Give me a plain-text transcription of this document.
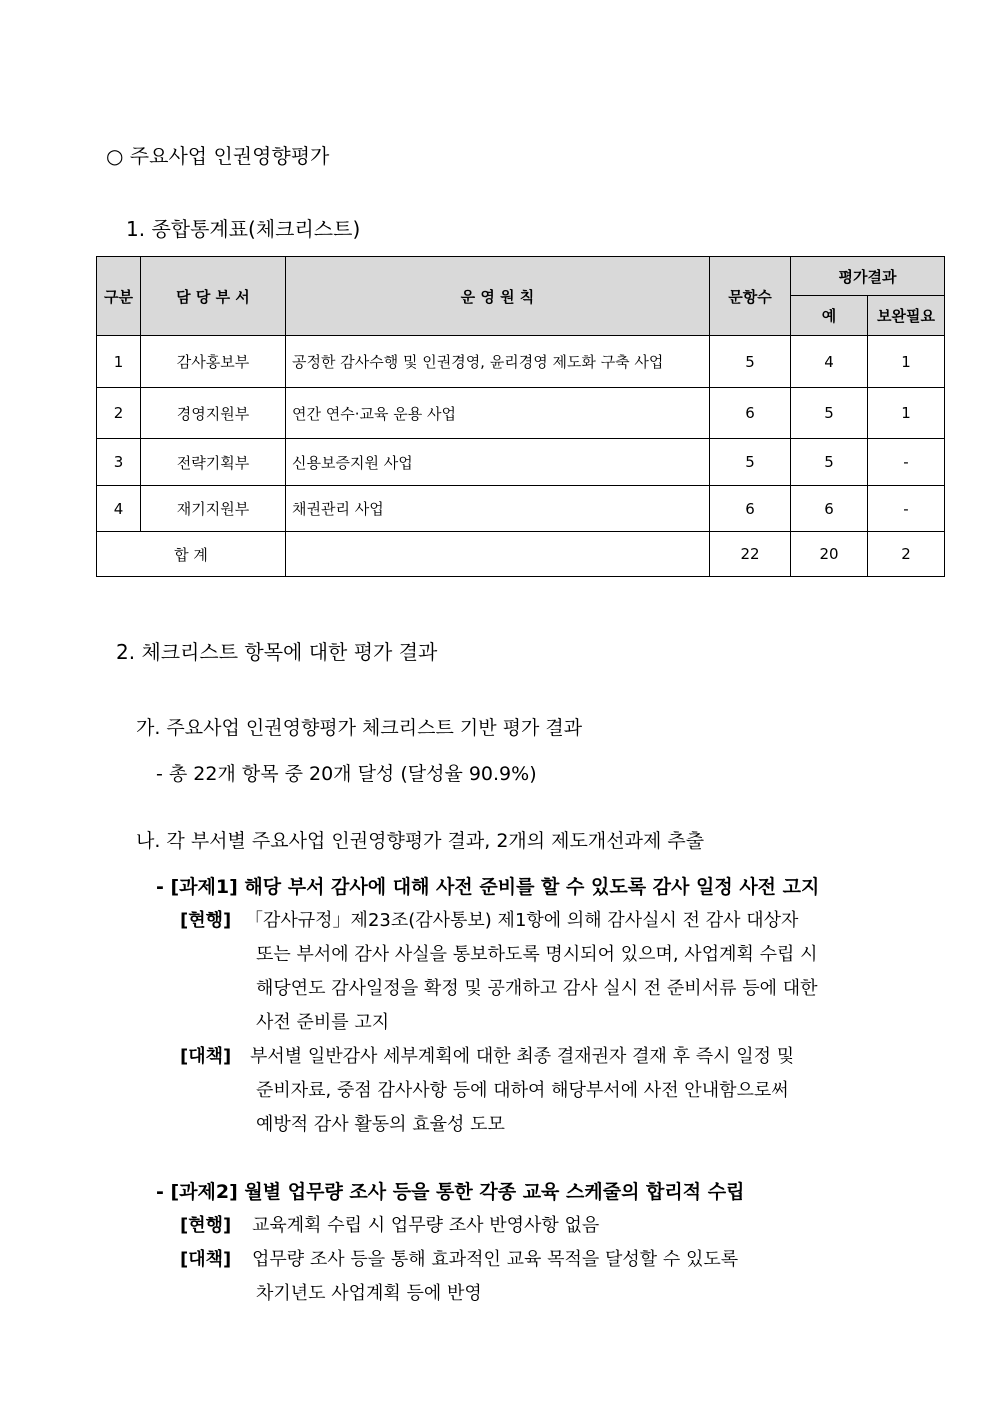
○ 주요사업 인권영향평가
1. 종합통계표(체크리스트)
구분	담 당 부 서	운 영 원 칙	문항수	평가결과	
				예	보완필요
1	감사홍보부	공정한 감사수행 및 인권경영, 윤리경영 제도화 구축 사업	5	4	1
2	경영지원부	연간 연수·교육 운용 사업	6	5	1
3	전략기획부	신용보증지원 사업	5	5	-
4	재기지원부	채권관리 사업	6	6	-
합 계			22	20	2
2. 체크리스트 항목에 대한 평가 결과
가. 주요사업 인권영향평가 체크리스트 기반 평가 결과
- 총 22개 항목 중 20개 달성 (달성율 90.9%)
나. 각 부서별 주요사업 인권영향평가 결과, 2개의 제도개선과제 추출
- [과제1] 해당 부서 감사에 대해 사전 준비를 할 수 있도록 감사 일정 사전 고지
[현행] 「감사규정」제23조(감사통보) 제1항에 의해 감사실시 전 감사 대상자
또는 부서에 감사 사실을 통보하도록 명시되어 있으며, 사업계획 수립 시
해당연도 감사일정을 확정 및 공개하고 감사 실시 전 준비서류 등에 대한
사전 준비를 고지
[대책] 부서별 일반감사 세부계획에 대한 최종 결재권자 결재 후 즉시 일정 및
준비자료, 중점 감사사항 등에 대하여 해당부서에 사전 안내함으로써
예방적 감사 활동의 효율성 도모
- [과제2] 월별 업무량 조사 등을 통한 각종 교육 스케줄의 합리적 수립
[현행] 교육계획 수립 시 업무량 조사 반영사항 없음
[대책] 업무량 조사 등을 통해 효과적인 교육 목적을 달성할 수 있도록
차기년도 사업계획 등에 반영
